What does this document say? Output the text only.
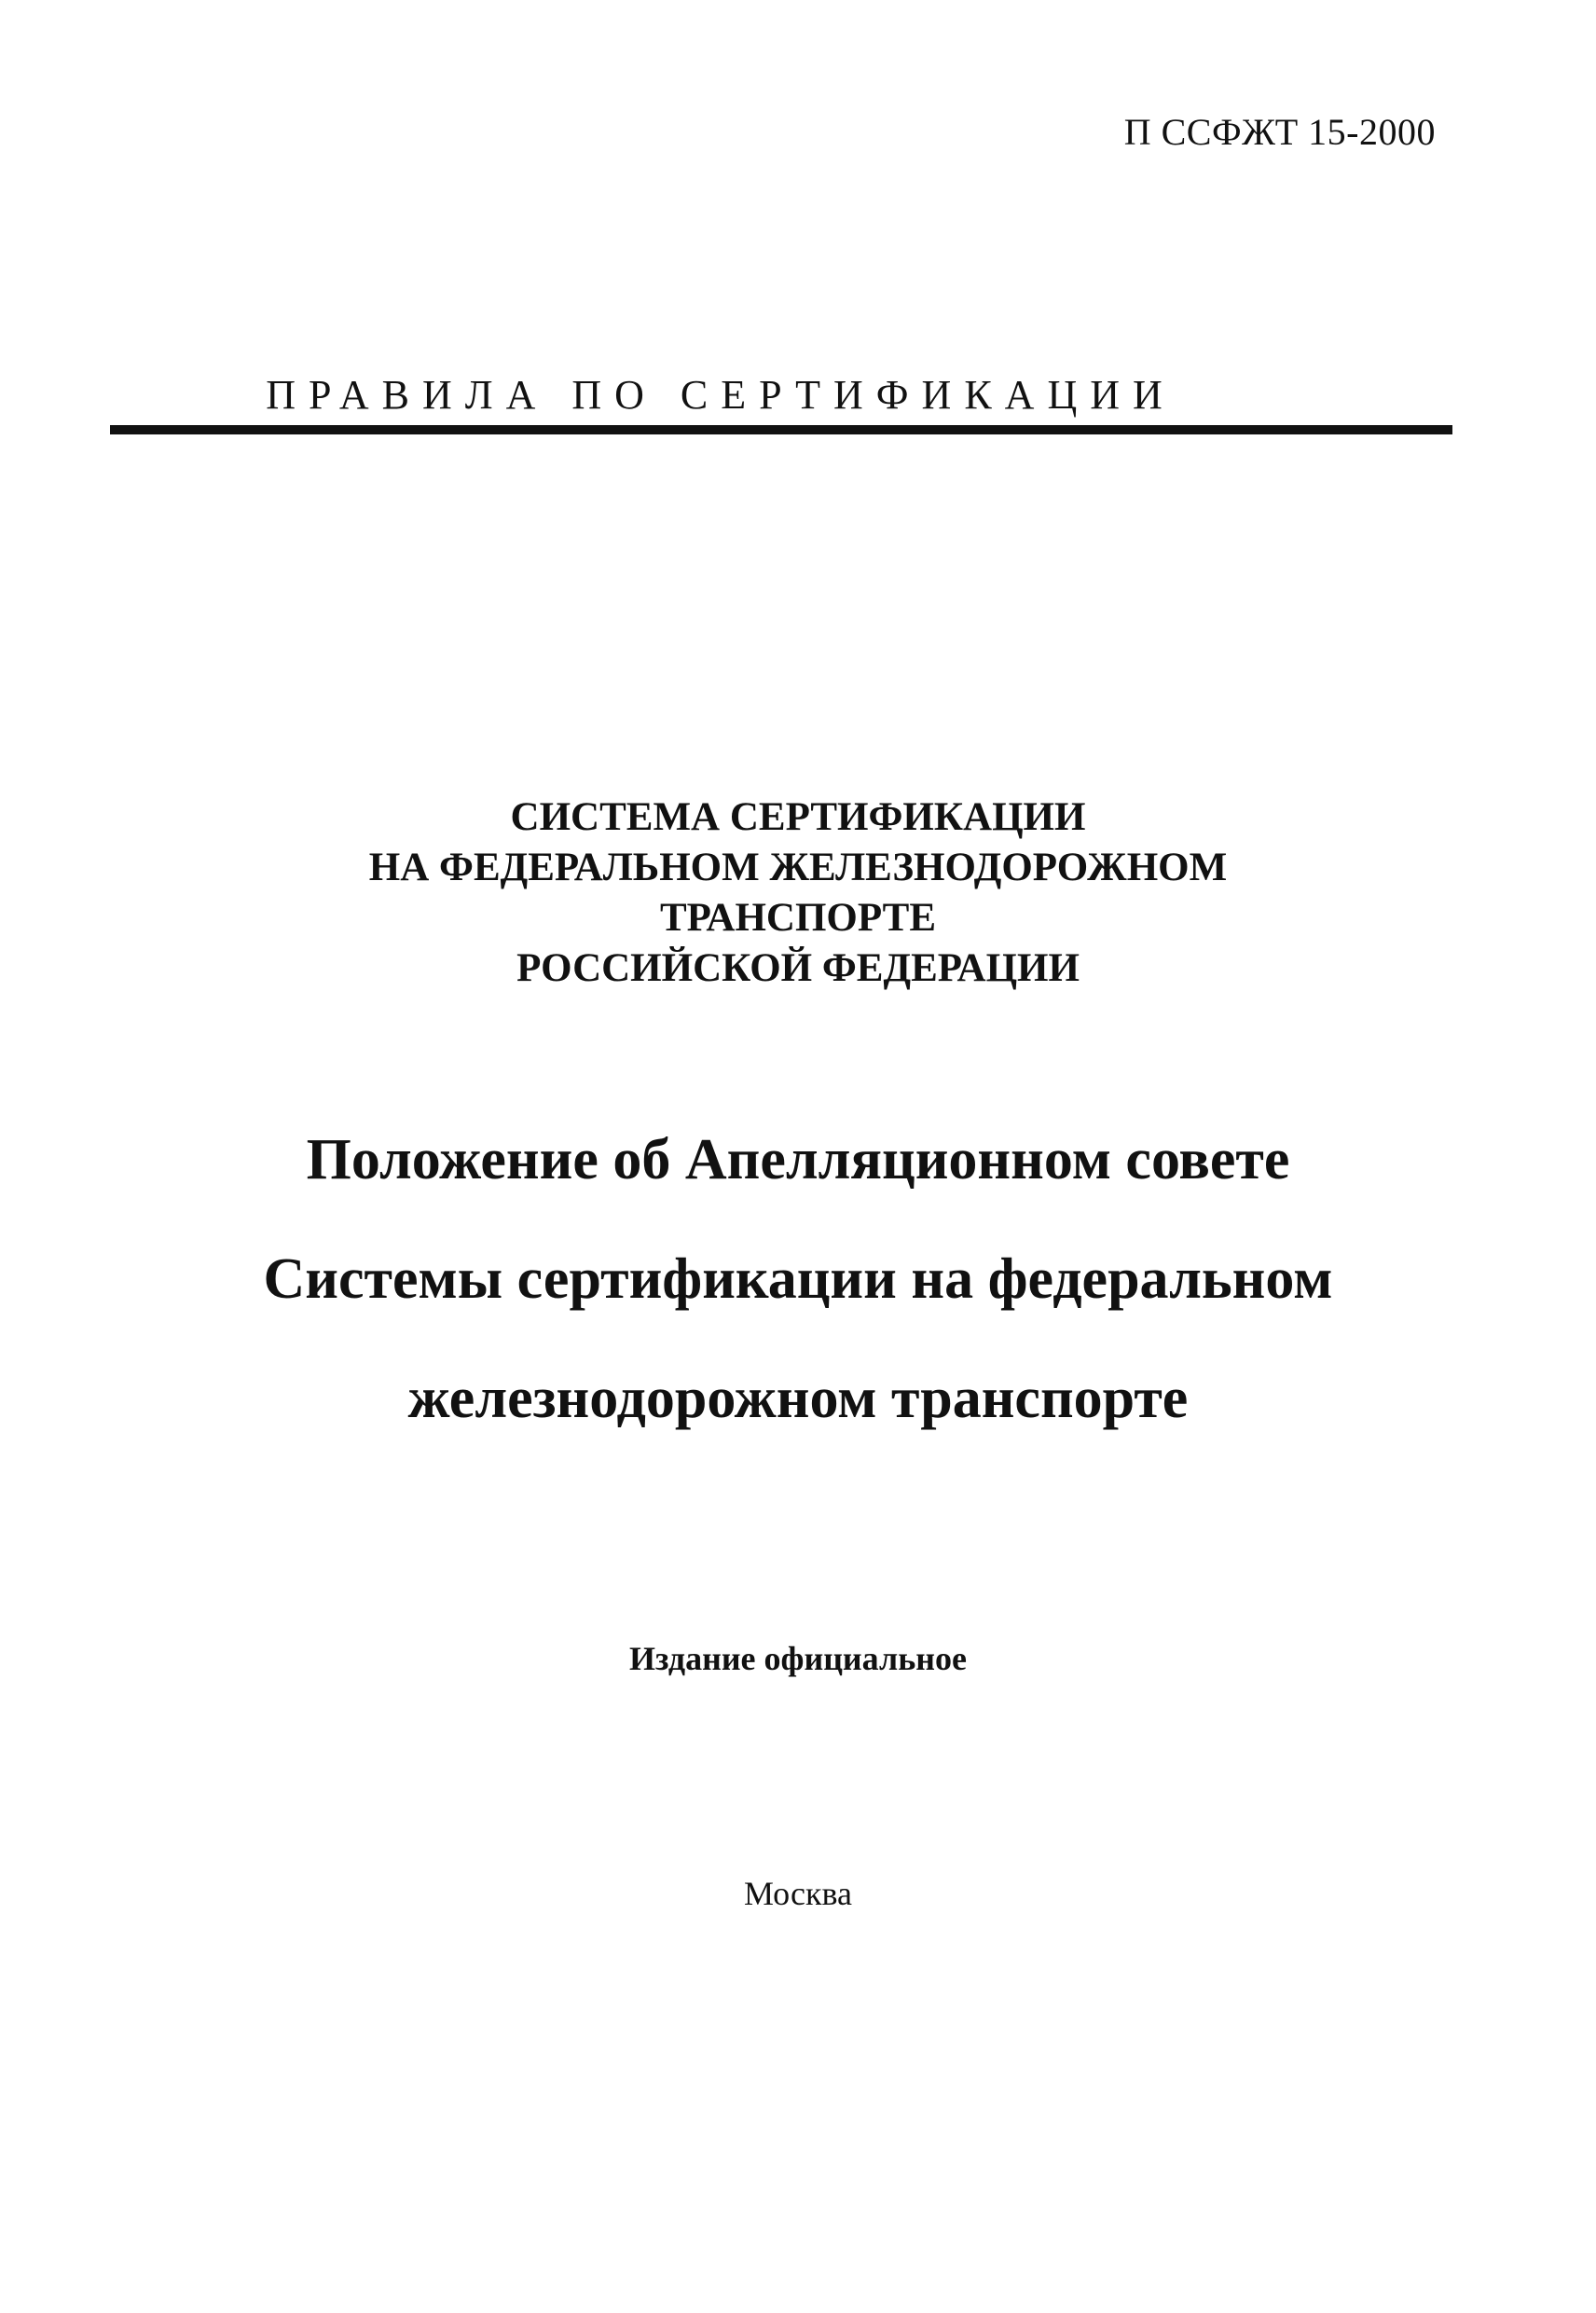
П ССФЖТ 15-2000
ПРАВИЛА ПО СЕРТИФИКАЦИИ
СИСТЕМА СЕРТИФИКАЦИИ
НА ФЕДЕРАЛЬНОМ ЖЕЛЕЗНОДОРОЖНОМ
ТРАНСПОРТЕ
РОССИЙСКОЙ ФЕДЕРАЦИИ
Положение об Апелляционном совете
Системы сертификации на федеральном
железнодорожном транспорте
Издание официальное
Москва
